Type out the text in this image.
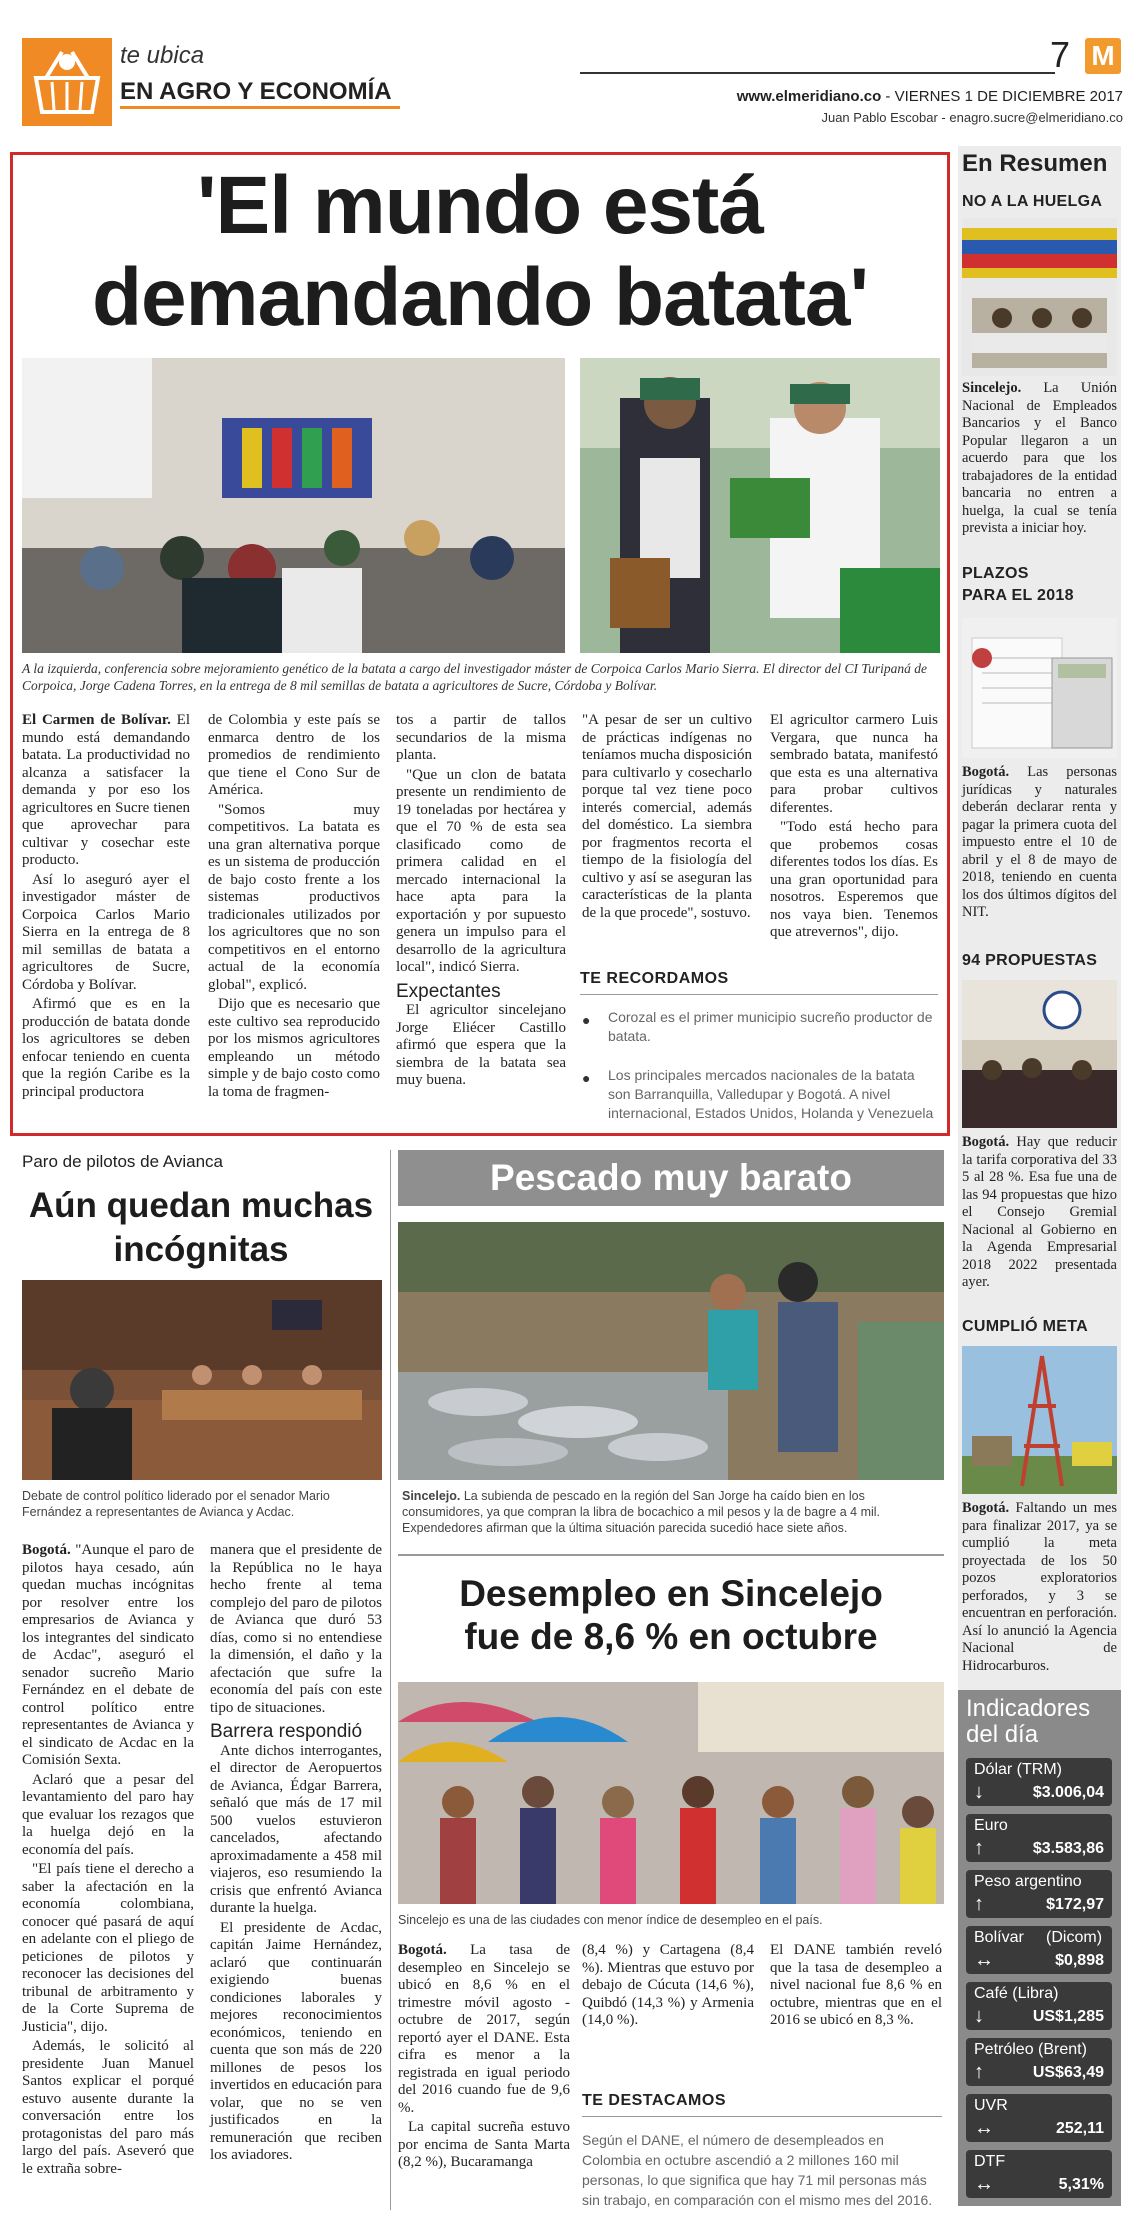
te ubica
EN AGRO Y ECONOMÍA
7 M
www.elmeridiano.co - VIERNES 1 DE DICIEMBRE 2017
Juan Pablo Escobar - enagro.sucre@elmeridiano.co
'El mundo está
demandando batata'
A la izquierda, conferencia sobre mejoramiento genético de la batata a cargo del investigador máster de Corpoica Carlos Mario Sierra. El director del CI Turipaná de Corpoica, Jorge Cadena Torres, en la entrega de 8 mil semillas de batata a agricultores de Sucre, Córdoba y Bolívar.

El Carmen de Bolívar. El mundo está demandando batata. La productividad no alcanza a satisfacer la demanda y por eso los agricultores en Sucre tienen que aprovechar para cultivar y cosechar este producto.

Así lo aseguró ayer el investigador máster de Corpoica Carlos Mario Sierra en la entrega de 8 mil semillas de batata a agricultores de Sucre, Córdoba y Bolívar.

Afirmó que es en la producción de batata donde los agricultores se deben enfocar teniendo en cuenta que la región Caribe es la principal productora

de Colombia y este país se enmarca dentro de los promedios de rendimiento que tiene el Cono Sur de América.

"Somos muy competitivos. La batata es una gran alternativa porque es un sistema de producción de bajo costo frente a los sistemas productivos tradicionales utilizados por los agricultores que no son competitivos en el entorno actual de la economía global", explicó.

Dijo que es necesario que este cultivo sea reproducido por los mismos agricultores empleando un método simple y de bajo costo como la toma de fragmen-

tos a partir de tallos secundarios de la misma planta.

"Que un clon de batata presente un rendimiento de 19 toneladas por hectárea y que el 70 % de esta sea clasificado como de primera calidad en el mercado internacional la hace apta para la exportación y por supuesto genera un impulso para el desarrollo de la agricultura local", indicó Sierra.

Expectantes

El agricultor sincelejano Jorge Eliécer Castillo afirmó que espera que la siembra de la batata sea muy buena.

"A pesar de ser un cultivo de prácticas indígenas no teníamos mucha disposición para cultivarlo y cosecharlo porque tal vez tiene poco interés comercial, además del doméstico. La siembra por fragmentos recorta el tiempo de la fisiología del cultivo y así se aseguran las características de la planta de la que procede", sostuvo.

El agricultor carmero Luis Vergara, que nunca ha sembrado batata, manifestó que esta es una alternativa para probar cultivos diferentes.

"Todo está hecho para que probemos cosas diferentes todos los días. Es una gran oportunidad para nosotros. Esperemos que nos vaya bien. Tenemos que atrevernos", dijo.

TE RECORDAMOS
● Corozal es el primer municipio sucreño productor de batata.
● Los principales mercados nacionales de la batata son Barranquilla, Valledupar y Bogotá. A nivel internacional, Estados Unidos, Holanda y Venezuela
Paro de pilotos de Avianca
Aún quedan muchas
incógnitas
Debate de control político liderado por el senador Mario Fernández a representantes de Avianca y Acdac.

Bogotá. "Aunque el paro de pilotos haya cesado, aún quedan muchas incógnitas por resolver entre los empresarios de Avianca y los integrantes del sindicato de Acdac", aseguró el senador sucreño Mario Fernández en el debate de control político entre representantes de Avianca y el sindicato de Acdac en la Comisión Sexta.

Aclaró que a pesar del levantamiento del paro hay que evaluar los rezagos que la huelga dejó en la economía del país.

"El país tiene el derecho a saber la afectación en la economía colombiana, conocer qué pasará de aquí en adelante con el pliego de peticiones de pilotos y reconocer las decisiones del tribunal de arbitramento y de la Corte Suprema de Justicia", dijo.

Además, le solicitó al presidente Juan Manuel Santos explicar el porqué estuvo ausente durante la conversación entre los protagonistas del paro más largo del país. Aseveró que le extraña sobre-

manera que el presidente de la República no le haya hecho frente al tema complejo del paro de pilotos de Avianca que duró 53 días, como si no entendiese la dimensión, el daño y la afectación que sufre la economía del país con este tipo de situaciones.

Barrera respondió

Ante dichos interrogantes, el director de Aeropuertos de Avianca, Édgar Barrera, señaló que más de 17 mil 500 vuelos estuvieron cancelados, afectando aproximadamente a 458 mil viajeros, eso resumiendo la crisis que enfrentó Avianca durante la huelga.

El presidente de Acdac, capitán Jaime Hernández, aclaró que continuarán exigiendo buenas condiciones laborales y mejores reconocimientos económicos, teniendo en cuenta que son más de 220 millones de pesos los invertidos en educación para volar, que no se ven justificados en la remuneración que reciben los aviadores.

Pescado muy barato
Sincelejo. La subienda de pescado en la región del San Jorge ha caído bien en los consumidores, ya que compran la libra de bocachico a mil pesos y la de bagre a 4 mil. Expendedores afirman que la última situación parecida sucedió hace siete años.
Desempleo en Sincelejo
fue de 8,6 % en octubre
Sincelejo es una de las ciudades con menor índice de desempleo en el país.

Bogotá. La tasa de desempleo en Sincelejo se ubicó en 8,6 % en el trimestre móvil agosto - octubre de 2017, según reportó ayer el DANE. Esta cifra es menor a la registrada en igual periodo del 2016 cuando fue de 9,6 %.

La capital sucreña estuvo por encima de Santa Marta (8,2 %), Bucaramanga

(8,4 %) y Cartagena (8,4 %). Mientras que estuvo por debajo de Cúcuta (14,6 %), Quibdó (14,3 %) y Armenia (14,0 %).

El DANE también reveló que la tasa de desempleo a nivel nacional fue 8,6 % en octubre, mientras que en el 2016 se ubicó en 8,3 %.

TE DESTACAMOS
Según el DANE, el número de desempleados en Colombia en octubre ascendió a 2 millones 160 mil personas, lo que significa que hay 71 mil personas más sin trabajo, en comparación con el mismo mes del 2016.
En Resumen
NO A LA HUELGA
Sincelejo. La Unión Nacional de Empleados Bancarios y el Banco Popular llegaron a un acuerdo para que los trabajadores de la entidad bancaria no entren a huelga, la cual se tenía prevista a iniciar hoy.
PLAZOS
PARA EL 2018
Bogotá. Las personas jurídicas y naturales deberán declarar renta y pagar la primera cuota del impuesto entre el 10 de abril y el 8 de mayo de 2018, teniendo en cuenta los dos últimos dígitos del NIT.
94 PROPUESTAS
Bogotá. Hay que reducir la tarifa corporativa del 33 5 al 28 %. Esa fue una de las 94 propuestas que hizo el Consejo Gremial Nacional al Gobierno en la Agenda Empresarial 2018 2022 presentada ayer.
CUMPLIÓ META
Bogotá. Faltando un mes para finalizar 2017, ya se cumplió la meta proyectada de los 50 pozos exploratorios perforados, y 3 se encuentran en perforación. Así lo anunció la Agencia Nacional de Hidrocarburos.
Indicadores
del día
Dólar (TRM)
↓	$3.006,04
Euro
↑	$3.583,86
Peso argentino
↑	$172,97
Bolívar     (Dicom)
↔	$0,898
Café (Libra)
↓	US$1,285
Petróleo (Brent)
↑	US$63,49
UVR
↔	252,11
DTF
↔	5,31%
